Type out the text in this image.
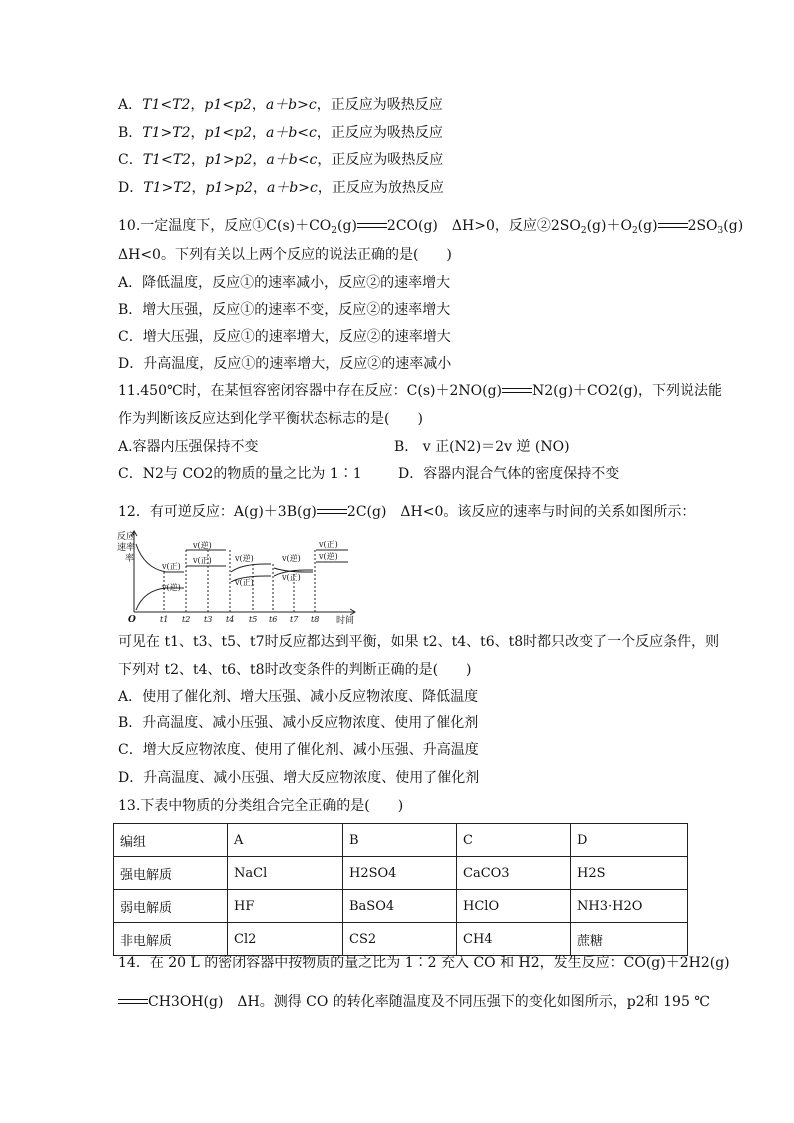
A．T1<T2，p1<p2，a＋b>c，正反应为吸热反应
B．T1>T2，p1<p2，a＋b<c，正反应为吸热反应
C．T1<T2，p1>p2，a＋b<c，正反应为吸热反应
D．T1>T2，p1>p2，a＋b>c，正反应为放热反应
10.一定温度下，反应$①C(s)+CO_2(g)$ 2CO(g)　ΔH>0，反应$②2SO_2(g)+O_2(g)$ $2SO_3(g)$
ΔH<0。下列有关以上两个反应的说法正确的是(　　)
A．降低温度，反应①的速率减小，反应②的速率增大
B．增大压强，反应①的速率不变，反应②的速率增大
C．增大压强，反应①的速率增大，反应②的速率增大
D．升高温度，反应①的速率增大，反应②的速率减小
11.450℃时，在某恒容密闭容器中存在反应：C(s)＋2NO(g) N2(g)＋CO2(g)，下列说法能
作为判断该反应达到化学平衡状态标志的是(　　)
A.容器内压强保持不变	B． v 正(N2)＝2v 逆 (NO)
C．N2与 CO2的物质的量之比为 1∶1	D．容器内混合气体的密度保持不变
12．有可逆反应：A(g)＋3B(g) 2C(g)　ΔH<0。该反应的速率与时间的关系如图所示：
反应
速率
率
O	时间
t1 t2 t3 t4 t5 t6 t7 t8
v(正)
v(逆)
v(逆)
v(正)	v(逆)
v(正)
v(逆)
v(正)
v(正)
v(逆)
可见在 t1、t3、t5、t7时反应都达到平衡，如果 t2、t4、t6、t8时都只改变了一个反应条件，则
下列对 t2、t4、t6、t8时改变条件的判断正确的是(　　)
A．使用了催化剂、增大压强、减小反应物浓度、降低温度
B．升高温度、减小压强、减小反应物浓度、使用了催化剂
C．增大反应物浓度、使用了催化剂、减小压强、升高温度
D．升高温度、减小压强、增大反应物浓度、使用了催化剂
13.下表中物质的分类组合完全正确的是(　　)
编组	A	B	C	D
强电解质	NaCl	H2SO4	CaCO3	H2S
弱电解质	HF	BaSO4	HClO	NH3·H2O
非电解质	Cl2	CS2	CH4	蔗糖
14．在 20 L 的密闭容器中按物质的量之比为 1∶2 充入 CO 和 H2，发生反应：CO(g)＋2H2(g)
CH3OH(g)　ΔH。测得 CO 的转化率随温度及不同压强下的变化如图所示，p2和 195 ℃
